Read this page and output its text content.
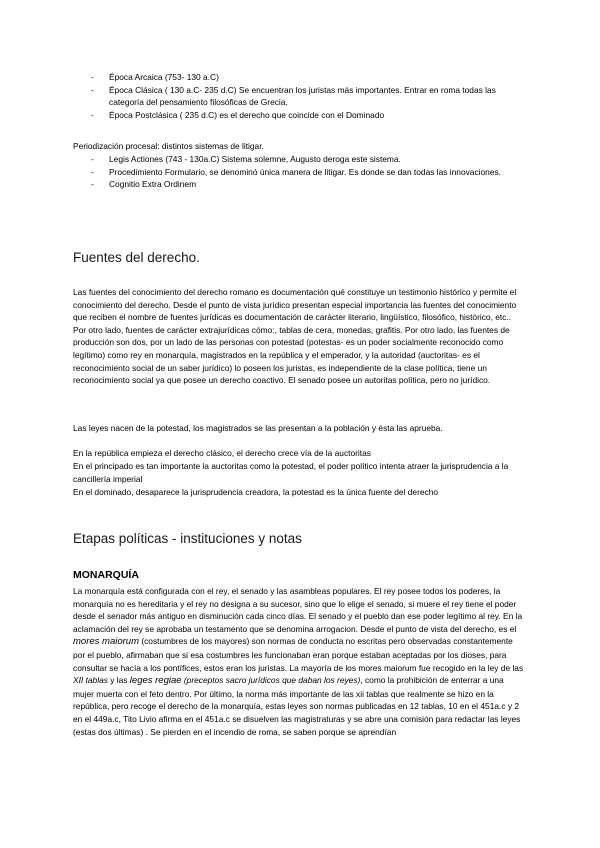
- Época Arcaica (753- 130 a.C)
- Época Clásica ( 130 a.C- 235 d.C) Se encuentran los juristas más importantes. Entrar en roma todas las categoría del pensamiento filosóficas de Grecia,
- Época Postclásica ( 235 d.C) es el derecho que coincide con el Dominado

Periodización procesal: distintos sistemas de litigar.

- Legis Actiones (743 - 130a.C) Sistema solemne, Augusto deroga este sistema.
- Procedimiento Formulario, se denominó única manera de litigar. Es donde se dan todas las innovaciones.
- Cognitio Extra Ordinem
Fuentes del derecho.

Las fuentes del conocimiento del derecho romano es documentación qué constituye un testimonio histórico y permite el conocimiento del derecho. Desde el punto de vista jurídico presentan especial importancia las fuentes del conocimiento que reciben el nombre de fuentes jurídicas es documentación de carácter literario, lingüístico, filosófico, histórico, etc.. Por otro lado, fuentes de carácter extrajurídicas cómo:, tablas de cera, monedas, grafitis. Por otro lado, las fuentes de producción son dos, por un lado de las personas con potestad (potestas- es un poder socialmente reconocido como legítimo) como rey en monarquía, magistrados en la república y el emperador, y la autoridad (auctoritas- es el reconocimiento social de un saber jurídico) lo poseen los juristas, es independiente de la clase política, tiene un reconocimiento social ya que posee un derecho coactivo. El senado posee un autoritas política, pero no jurídico.

Las leyes nacen de la potestad, los magistrados se las presentan a la población y ésta las aprueba.

En la república empieza el derecho clásico, el derecho crece vía de la auctoritas

En el principado es tan importante la auctoritas como la potestad, el poder político intenta atraer la jurisprudencia a la cancillería imperial

En el dominado, desaparece la jurisprudencia creadora, la potestad es la única fuente del derecho

Etapas políticas - instituciones y notas
MONARQUÍA

La monarquía está configurada con el rey, el senado y las asambleas populares. El rey posee todos los poderes, la monarquía no es hereditaria y el rey no designa a su sucesor, sino que lo elige el senado, si muere el rey tiene el poder desde el senador más antiguo en disminución cada cinco días. El senado y el pueblo dan ese poder legítimo al rey. En la aclamación del rey se aprobaba un testamento que se denomina arrogacion. Desde el punto de vista del derecho, es el mores maiorum (costumbres de los mayores) son normas de conducta no escritas pero observadas constantemente por el pueblo, afirmaban que si esa costumbres les funcionaban eran porque estaban aceptadas por los dioses, para consultar se hacía a los pontífices, estos eran los juristas. La mayoría de los mores maiorum fue recogido en la ley de las XII tablas y las leges regiae (preceptos sacro jurídicos que daban los reyes), como la prohibición de enterrar a una mujer muerta con el feto dentro. Por último, la norma más importante de las xii tablas que realmente se hizo en la república, pero recoge el derecho de la monarquía, estas leyes son normas publicadas en 12 tablas, 10 en el 451a.c y 2 en el 449a.c, Tito Livio afirma en el 451a.c se disuelven las magistraturas y se abre una comisión para redactar las leyes (estas dos últimas) . Se pierden en el incendio de roma, se saben porque se aprendían
